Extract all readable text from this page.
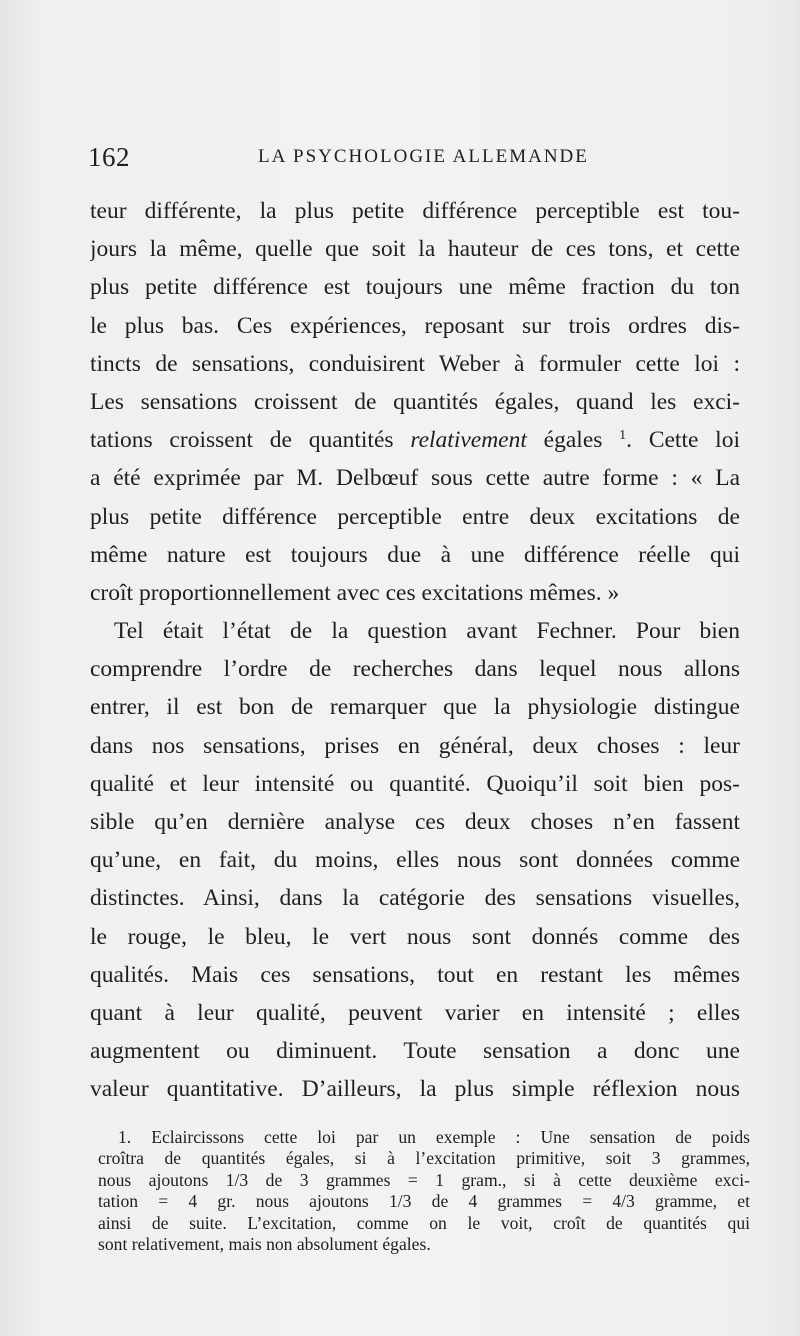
162	LA PSYCHOLOGIE ALLEMANDE
teur différente, la plus petite différence perceptible est tou-
jours la même, quelle que soit la hauteur de ces tons, et cette
plus petite différence est toujours une même fraction du ton
le plus bas. Ces expériences, reposant sur trois ordres dis-
tincts de sensations, conduisirent Weber à formuler cette loi :
Les sensations croissent de quantités égales, quand les exci-
tations croissent de quantités relativement égales $^1$. Cette loi
a été exprimée par M. Delbœuf sous cette autre forme : « La
plus petite différence perceptible entre deux excitations de
même nature est toujours due à une différence réelle qui
croît proportionnellement avec ces excitations mêmes. »
Tel était l’état de la question avant Fechner. Pour bien
comprendre l’ordre de recherches dans lequel nous allons
entrer, il est bon de remarquer que la physiologie distingue
dans nos sensations, prises en général, deux choses : leur
qualité et leur intensité ou quantité. Quoiqu’il soit bien pos-
sible qu’en dernière analyse ces deux choses n’en fassent
qu’une, en fait, du moins, elles nous sont données comme
distinctes. Ainsi, dans la catégorie des sensations visuelles,
le rouge, le bleu, le vert nous sont donnés comme des
qualités. Mais ces sensations, tout en restant les mêmes
quant à leur qualité, peuvent varier en intensité ; elles
augmentent ou diminuent. Toute sensation a donc une
valeur quantitative. D’ailleurs, la plus simple réflexion nous
1. Eclaircissons cette loi par un exemple : Une sensation de poids
croîtra de quantités égales, si à l’excitation primitive, soit 3 grammes,
nous ajoutons 1/3 de 3 grammes = 1 gram., si à cette deuxième exci-
tation = 4 gr. nous ajoutons 1/3 de 4 grammes = 4/3 gramme, et
ainsi de suite. L’excitation, comme on le voit, croît de quantités qui
sont relativement, mais non absolument égales.
